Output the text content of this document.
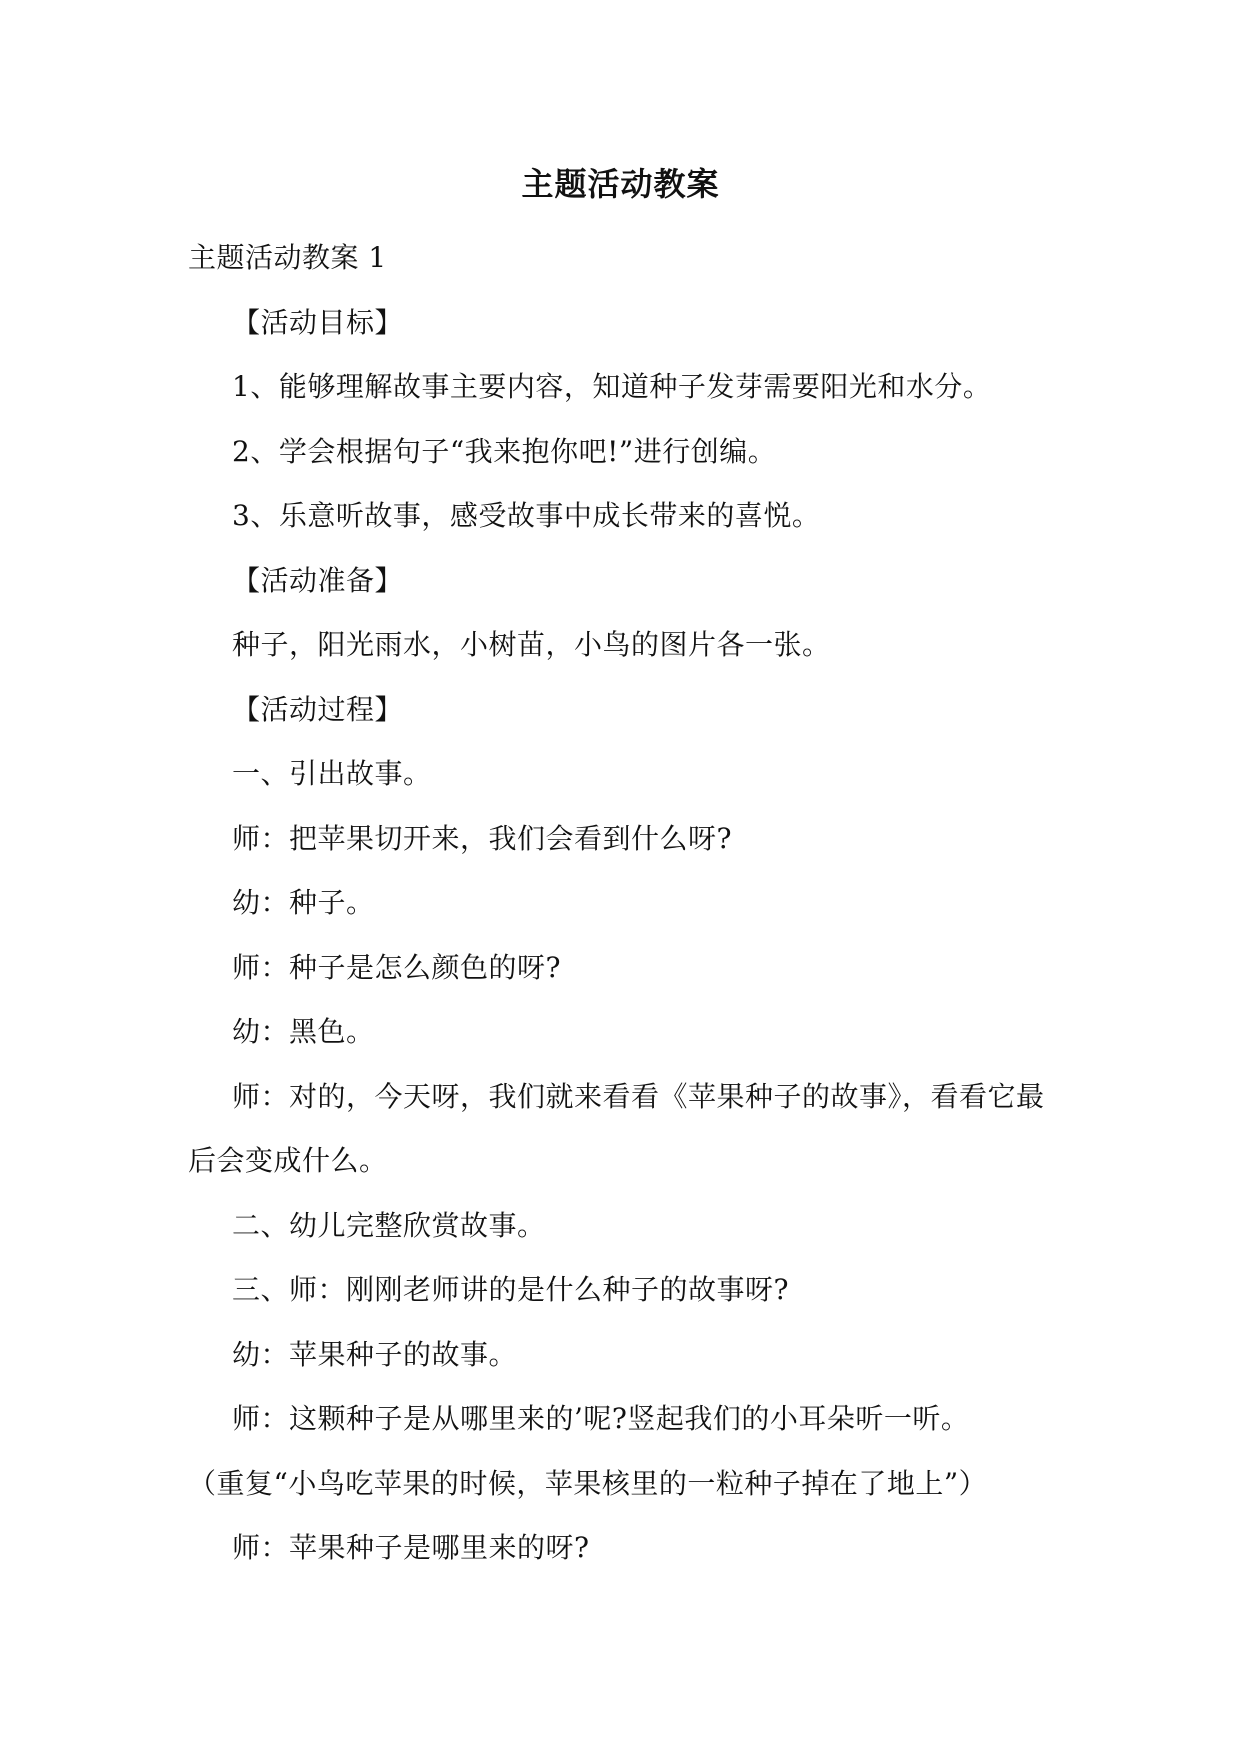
主题活动教案

主题活动教案 1

【活动目标】

1、能够理解故事主要内容，知道种子发芽需要阳光和水分。

2、学会根据句子“我来抱你吧!”进行创编。

3、乐意听故事，感受故事中成长带来的喜悦。

【活动准备】

种子，阳光雨水，小树苗，小鸟的图片各一张。

【活动过程】

一、引出故事。

师：把苹果切开来，我们会看到什么呀?

幼：种子。

师：种子是怎么颜色的呀?

幼：黑色。

师：对的，今天呀，我们就来看看《苹果种子的故事》，看看它最后会变成什么。

二、幼儿完整欣赏故事。

三、师：刚刚老师讲的是什么种子的故事呀?

幼：苹果种子的故事。

师：这颗种子是从哪里来的’呢?竖起我们的小耳朵听一听。

（重复“小鸟吃苹果的时候，苹果核里的一粒种子掉在了地上”）

师：苹果种子是哪里来的呀?
